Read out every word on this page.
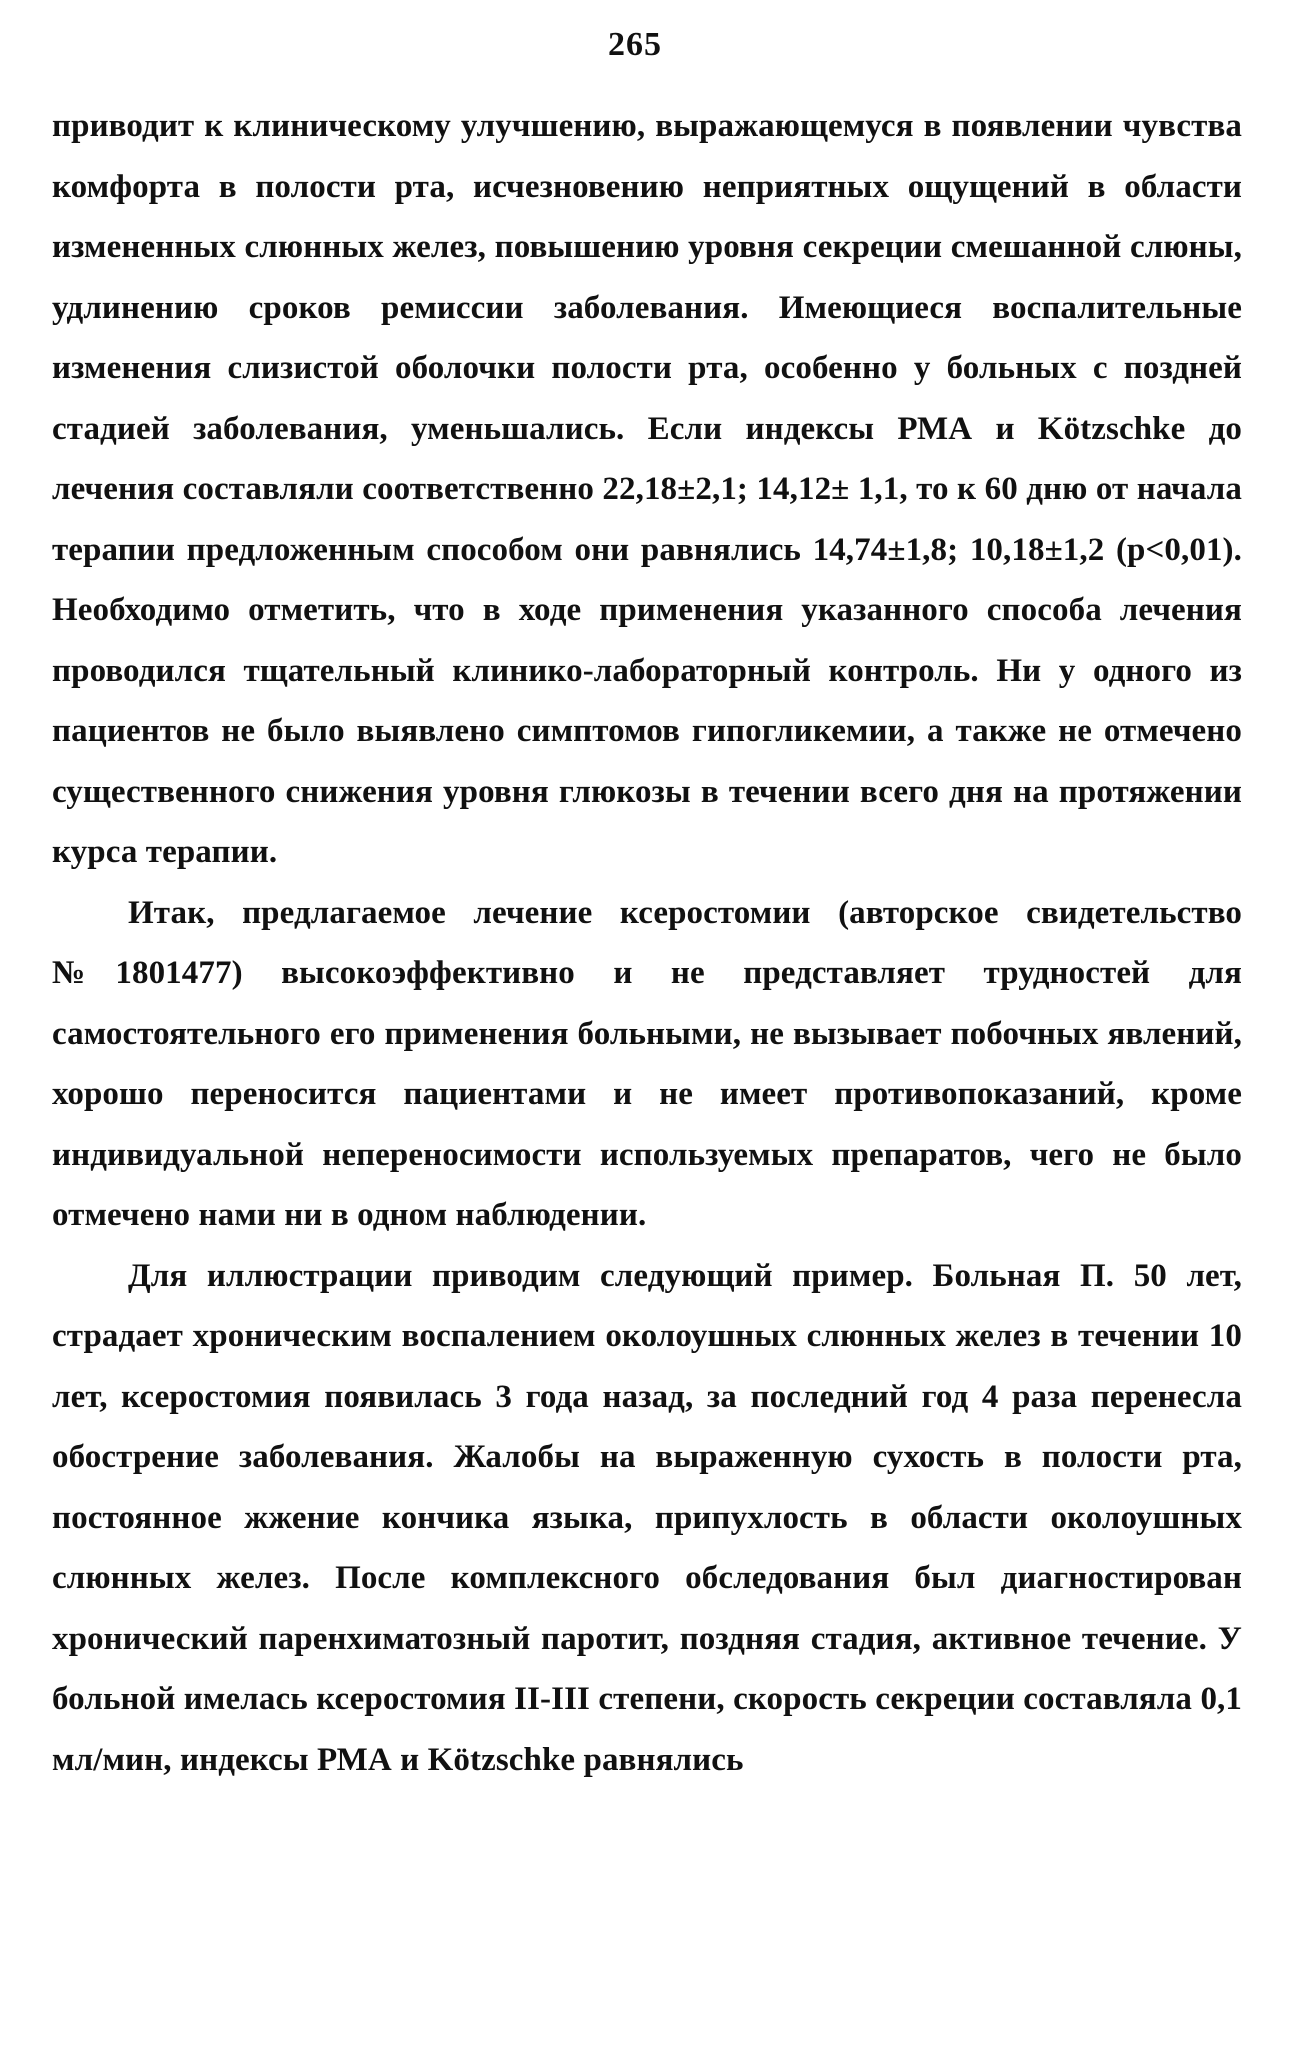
265

приводит к клиническому улучшению, выражающемуся в появлении чувства комфорта в полости рта, исчезновению неприятных ощущений в области измененных слюнных желез, повышению уровня секреции смешанной слюны, удлинению сроков ремиссии заболевания. Имеющиеся воспалительные изменения слизистой оболочки полости рта, особенно у больных с поздней стадией заболевания, уменьшались. Если индексы РМА и Kötzschke до лечения составляли соответственно 22,18±2,1; 14,12± 1,1, то к 60 дню от начала терапии предложенным способом они равнялись 14,74±1,8; 10,18±1,2 (р<0,01). Необходимо отметить, что в ходе применения указанного способа лечения проводился тщательный клинико-лабораторный контроль. Ни у одного из пациентов не было выявлено симптомов гипогликемии, а также не отмечено существенного снижения уровня глюкозы в течении всего дня на протяжении курса терапии.

Итак, предлагаемое лечение ксеростомии (авторское свидетельство №1801477) высокоэффективно и не представляет трудностей для самостоятельного его применения больными, не вызывает побочных явлений, хорошо переносится пациентами и не имеет противопоказаний, кроме индивидуальной непереносимости используемых препаратов, чего не было отмечено нами ни в одном наблюдении.

Для иллюстрации приводим следующий пример. Больная П. 50 лет, страдает хроническим воспалением околоушных слюнных желез в течении 10 лет, ксеростомия появилась 3 года назад, за последний год 4 раза перенесла обострение заболевания. Жалобы на выраженную сухость в полости рта, постоянное жжение кончика языка, припухлость в области околоушных слюнных желез. После комплексного обследования был диагностирован хронический паренхиматозный паротит, поздняя стадия, активное течение. У больной имелась ксеростомия II-III степени, скорость секреции составляла 0,1 мл/мин, индексы РМА и Kötzschke равнялись
